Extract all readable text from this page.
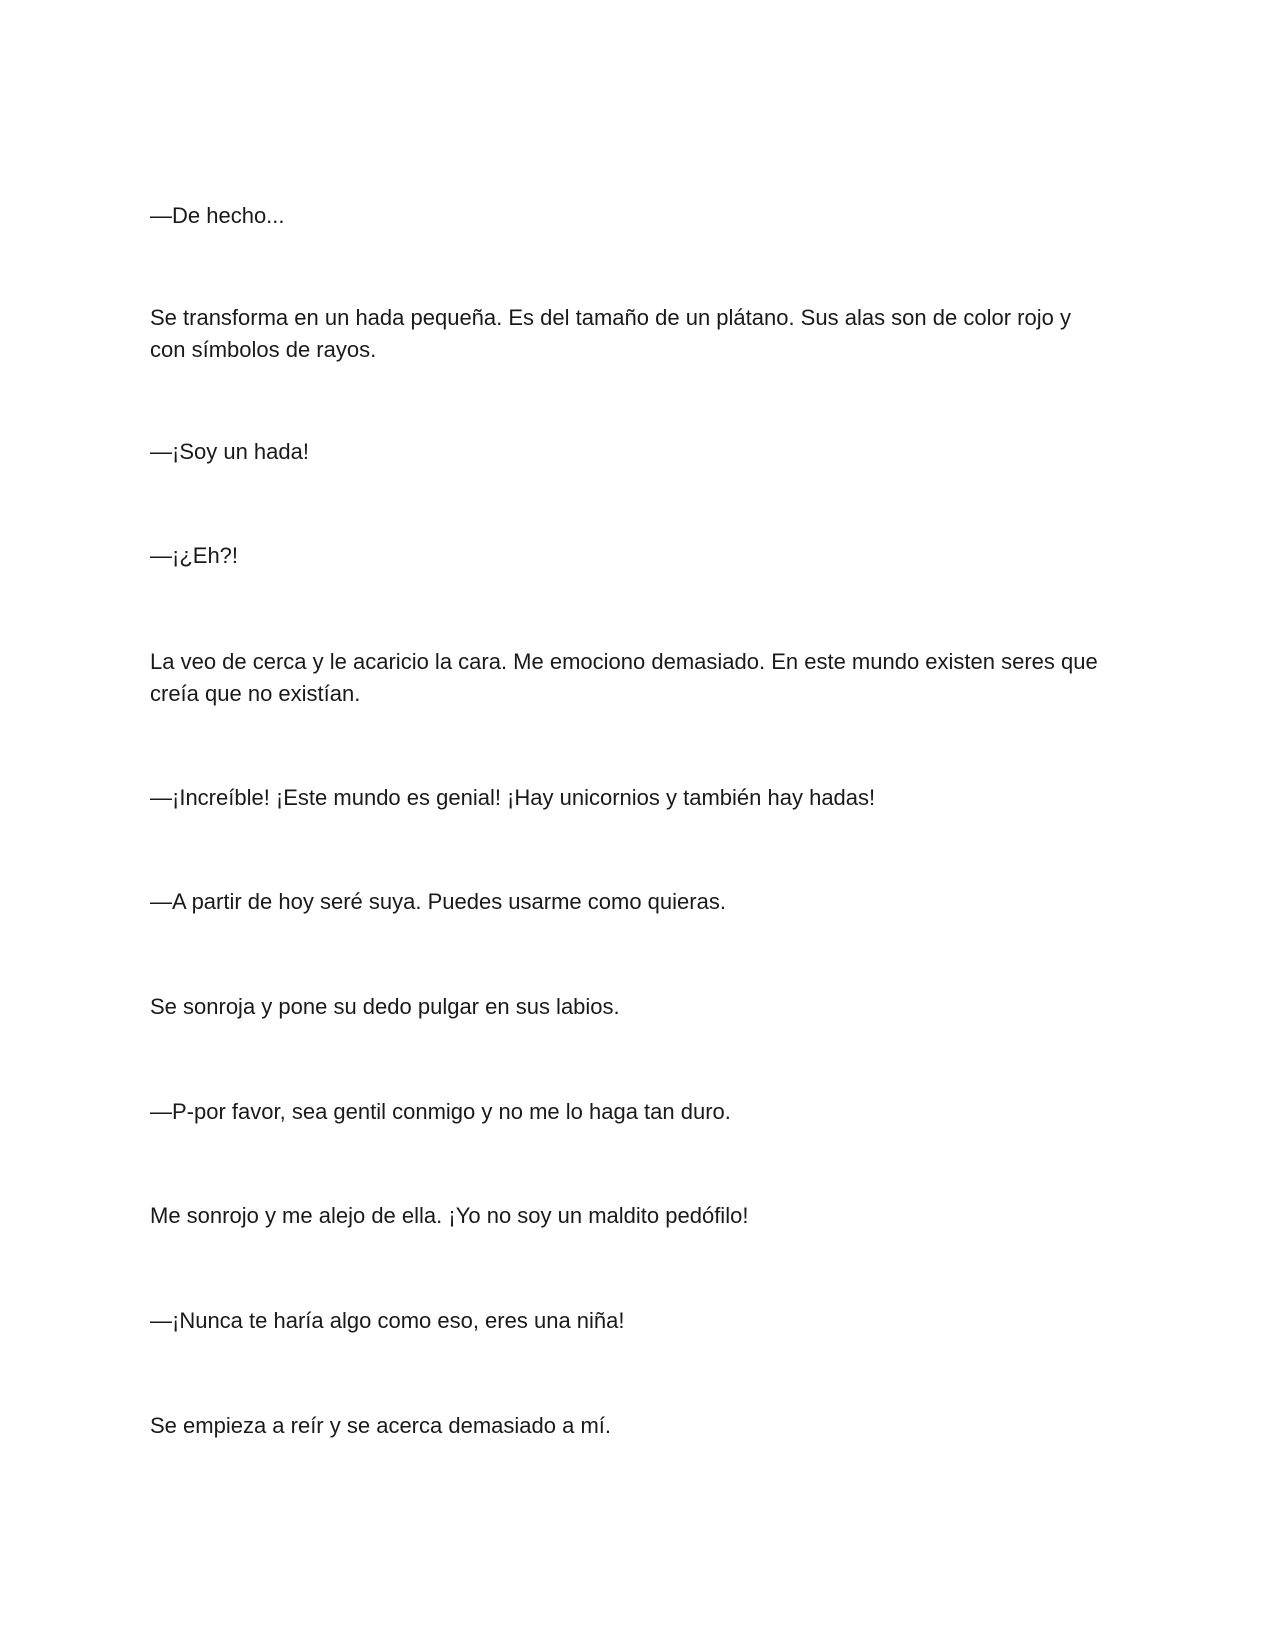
—De hecho...

Se transforma en un hada pequeña. Es del tamaño de un plátano. Sus alas son de color rojo y con símbolos de rayos.

—¡Soy un hada!

—¡¿Eh?!

La veo de cerca y le acaricio la cara. Me emociono demasiado. En este mundo existen seres que creía que no existían.

—¡Increíble! ¡Este mundo es genial! ¡Hay unicornios y también hay hadas!

—A partir de hoy seré suya. Puedes usarme como quieras.

Se sonroja y pone su dedo pulgar en sus labios.

—P-por favor, sea gentil conmigo y no me lo haga tan duro.

Me sonrojo y me alejo de ella. ¡Yo no soy un maldito pedófilo!

—¡Nunca te haría algo como eso, eres una niña!

Se empieza a reír y se acerca demasiado a mí.
